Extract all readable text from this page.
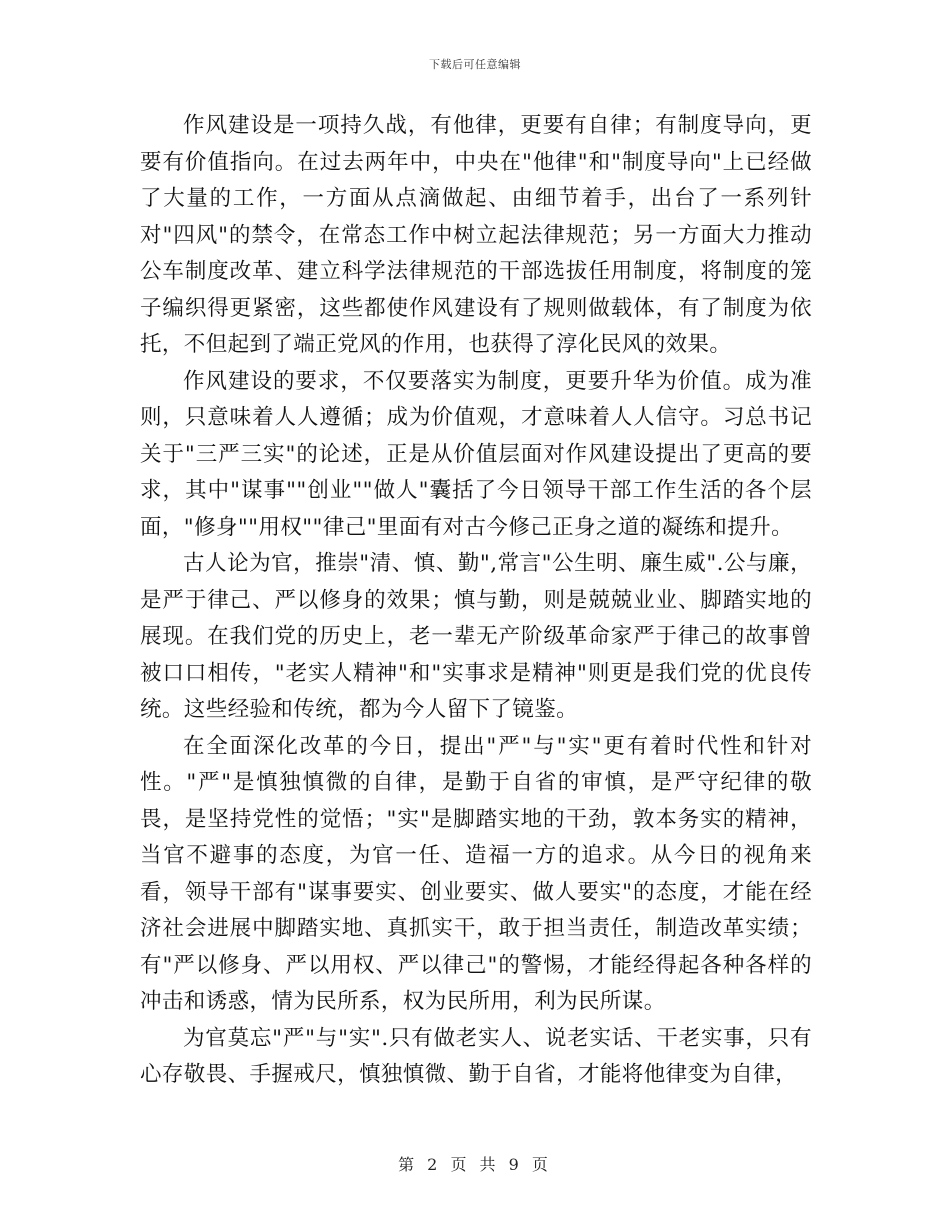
下载后可任意编辑

作风建设是一项持久战，有他律，更要有自律；有制度导向，更要有价值指向。在过去两年中，中央在"他律"和"制度导向"上已经做了大量的工作，一方面从点滴做起、由细节着手，出台了一系列针对"四风"的禁令，在常态工作中树立起法律规范；另一方面大力推动公车制度改革、建立科学法律规范的干部选拔任用制度，将制度的笼子编织得更紧密，这些都使作风建设有了规则做载体，有了制度为依托，不但起到了端正党风的作用，也获得了淳化民风的效果。

作风建设的要求，不仅要落实为制度，更要升华为价值。成为准则，只意味着人人遵循；成为价值观，才意味着人人信守。习总书记关于"三严三实"的论述，正是从价值层面对作风建设提出了更高的要求，其中"谋事""创业""做人"囊括了今日领导干部工作生活的各个层面，"修身""用权""律己"里面有对古今修己正身之道的凝练和提升。

古人论为官，推崇"清、慎、勤",常言"公生明、廉生威".公与廉，是严于律己、严以修身的效果；慎与勤，则是兢兢业业、脚踏实地的展现。在我们党的历史上，老一辈无产阶级革命家严于律己的故事曾被口口相传，"老实人精神"和"实事求是精神"则更是我们党的优良传统。这些经验和传统，都为今人留下了镜鉴。

在全面深化改革的今日，提出"严"与"实"更有着时代性和针对性。"严"是慎独慎微的自律，是勤于自省的审慎，是严守纪律的敬畏，是坚持党性的觉悟；"实"是脚踏实地的干劲，敦本务实的精神，当官不避事的态度，为官一任、造福一方的追求。从今日的视角来看，领导干部有"谋事要实、创业要实、做人要实"的态度，才能在经济社会进展中脚踏实地、真抓实干，敢于担当责任，制造改革实绩；有"严以修身、严以用权、严以律己"的警惕，才能经得起各种各样的冲击和诱惑，情为民所系，权为民所用，利为民所谋。

为官莫忘"严"与"实".只有做老实人、说老实话、干老实事，只有心存敬畏、手握戒尺，慎独慎微、勤于自省，才能将他律变为自律，

第 2 页 共 9 页
